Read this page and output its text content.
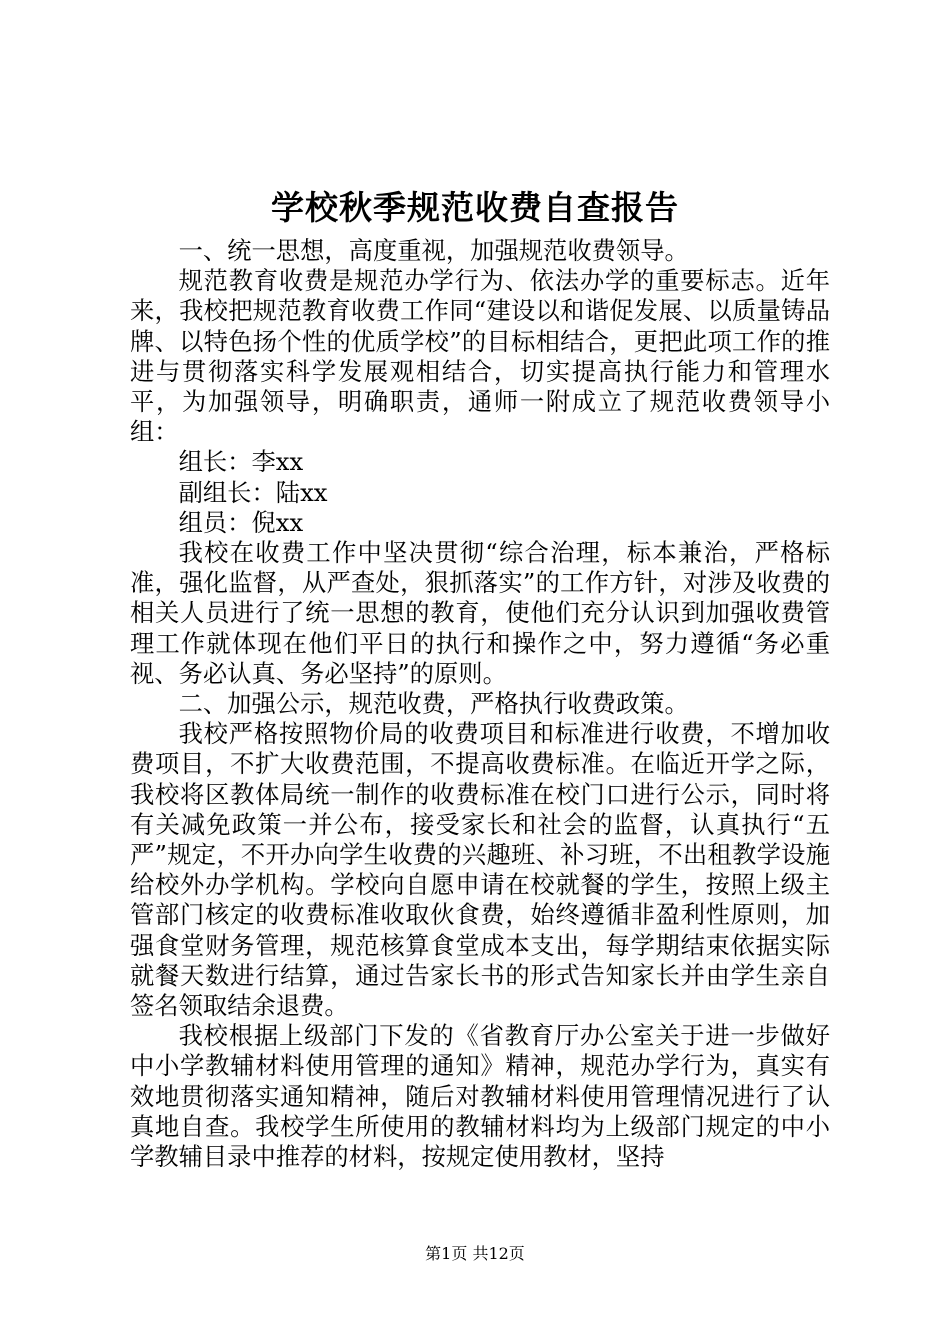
学校秋季规范收费自查报告

一、统一思想，高度重视，加强规范收费领导。

规范教育收费是规范办学行为、依法办学的重要标志。近年来，我校把规范教育收费工作同“建设以和谐促发展、以质量铸品牌、以特色扬个性的优质学校”的目标相结合，更把此项工作的推进与贯彻落实科学发展观相结合，切实提高执行能力和管理水平，为加强领导，明确职责，通师一附成立了规范收费领导小组：

组长：李xx

副组长：陆xx

组员：倪xx

我校在收费工作中坚决贯彻“综合治理，标本兼治，严格标准，强化监督，从严查处，狠抓落实”的工作方针，对涉及收费的相关人员进行了统一思想的教育，使他们充分认识到加强收费管理工作就体现在他们平日的执行和操作之中，努力遵循“务必重视、务必认真、务必坚持”的原则。

二、加强公示，规范收费，严格执行收费政策。

我校严格按照物价局的收费项目和标准进行收费，不增加收费项目，不扩大收费范围，不提高收费标准。在临近开学之际，我校将区教体局统一制作的收费标准在校门口进行公示，同时将有关减免政策一并公布，接受家长和社会的监督，认真执行“五严”规定，不开办向学生收费的兴趣班、补习班，不出租教学设施给校外办学机构。学校向自愿申请在校就餐的学生，按照上级主管部门核定的收费标准收取伙食费，始终遵循非盈利性原则，加强食堂财务管理，规范核算食堂成本支出，每学期结束依据实际就餐天数进行结算，通过告家长书的形式告知家长并由学生亲自签名领取结余退费。

我校根据上级部门下发的《省教育厅办公室关于进一步做好中小学教辅材料使用管理的通知》精神，规范办学行为，真实有效地贯彻落实通知精神，随后对教辅材料使用管理情况进行了认真地自查。我校学生所使用的教辅材料均为上级部门规定的中小学教辅目录中推荐的材料，按规定使用教材，坚持

第1页 共12页
